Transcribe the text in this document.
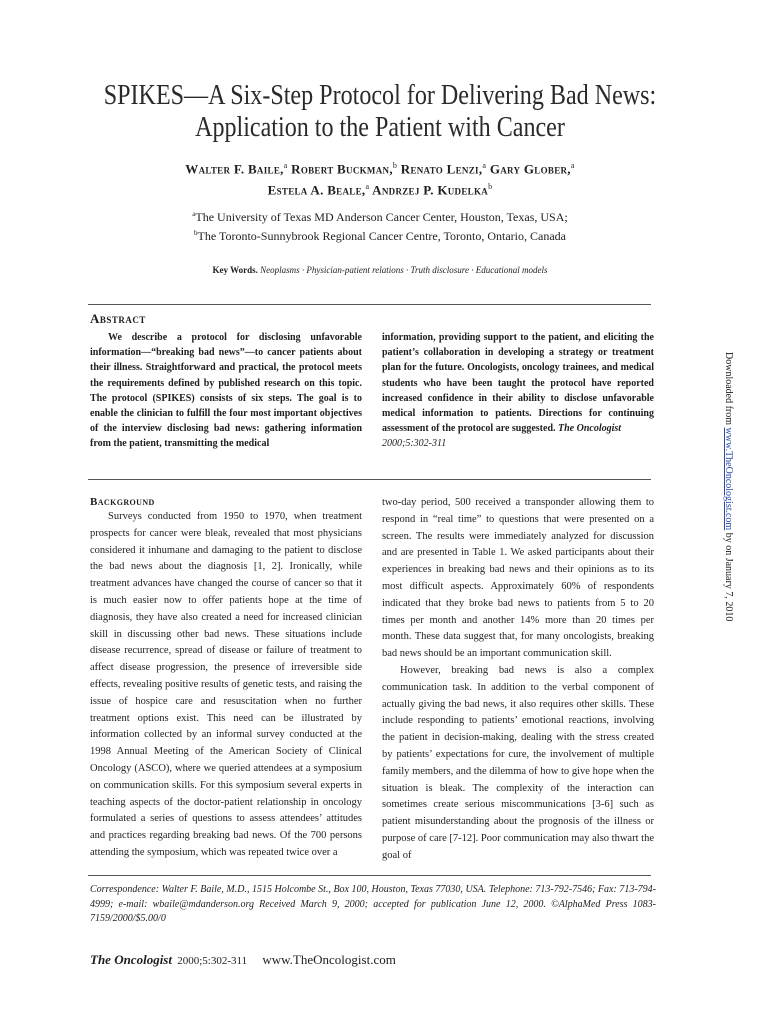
SPIKES—A Six-Step Protocol for Delivering Bad News:
Application to the Patient with Cancer
Walter F. Baile,$^a$ Robert Buckman,$^b$ Renato Lenzi,$^a$ Gary Glober,$^a$
Estela A. Beale,$^a$ Andrzej P. Kudelka$^b$
$^a$The University of Texas MD Anderson Cancer Center, Houston, Texas, USA;
$^b$The Toronto-Sunnybrook Regional Cancer Centre, Toronto, Ontario, Canada
Key Words. Neoplasms · Physician-patient relations · Truth disclosure · Educational models
Abstract
We describe a protocol for disclosing unfavorable information—“breaking bad news”—to cancer patients about their illness. Straightforward and practical, the protocol meets the requirements defined by published research on this topic. The protocol (SPIKES) consists of six steps. The goal is to enable the clinician to fulfill the four most important objectives of the interview disclosing bad news: gathering information from the patient, transmitting the medical
information, providing support to the patient, and eliciting the patient’s collaboration in developing a strategy or treatment plan for the future. Oncologists, oncology trainees, and medical students who have been taught the protocol have reported increased confidence in their ability to disclose unfavorable medical information to patients. Directions for continuing assessment of the protocol are suggested. The Oncologist
2000;5:302-311
Background

Surveys conducted from 1950 to 1970, when treatment prospects for cancer were bleak, revealed that most physicians considered it inhumane and damaging to the patient to disclose the bad news about the diagnosis [1, 2]. Ironically, while treatment advances have changed the course of cancer so that it is much easier now to offer patients hope at the time of diagnosis, they have also created a need for increased clinician skill in discussing other bad news. These situations include disease recurrence, spread of disease or failure of treatment to affect disease progression, the presence of irreversible side effects, revealing positive results of genetic tests, and raising the issue of hospice care and resuscitation when no further treatment options exist. This need can be illustrated by information collected by an informal survey conducted at the 1998 Annual Meeting of the American Society of Clinical Oncology (ASCO), where we queried attendees at a symposium on communication skills. For this symposium several experts in teaching aspects of the doctor-patient relationship in oncology formulated a series of questions to assess attendees’ attitudes and practices regarding breaking bad news. Of the 700 persons attending the symposium, which was repeated twice over a

two-day period, 500 received a transponder allowing them to respond in “real time” to questions that were presented on a screen. The results were immediately analyzed for discussion and are presented in Table 1. We asked participants about their experiences in breaking bad news and their opinions as to its most difficult aspects. Approximately 60% of respondents indicated that they broke bad news to patients from 5 to 20 times per month and another 14% more than 20 times per month. These data suggest that, for many oncologists, breaking bad news should be an important communication skill.

However, breaking bad news is also a complex communication task. In addition to the verbal component of actually giving the bad news, it also requires other skills. These include responding to patients’ emotional reactions, involving the patient in decision-making, dealing with the stress created by patients’ expectations for cure, the involvement of multiple family members, and the dilemma of how to give hope when the situation is bleak. The complexity of the interaction can sometimes create serious miscommunications [3-6] such as patient misunderstanding about the prognosis of the illness or purpose of care [7-12]. Poor communication may also thwart the goal of

Correspondence: Walter F. Baile, M.D., 1515 Holcombe St., Box 100, Houston, Texas 77030, USA. Telephone: 713-792-7546; Fax: 713-794-4999; e-mail: wbaile@mdanderson.org Received March 9, 2000; accepted for publication June 12, 2000. ©AlphaMed Press 1083-7159/2000/$5.00/0
The Oncologist 2000;5:302-311 www.TheOncologist.com
Downloaded from www.TheOncologist.com by on January 7, 2010
